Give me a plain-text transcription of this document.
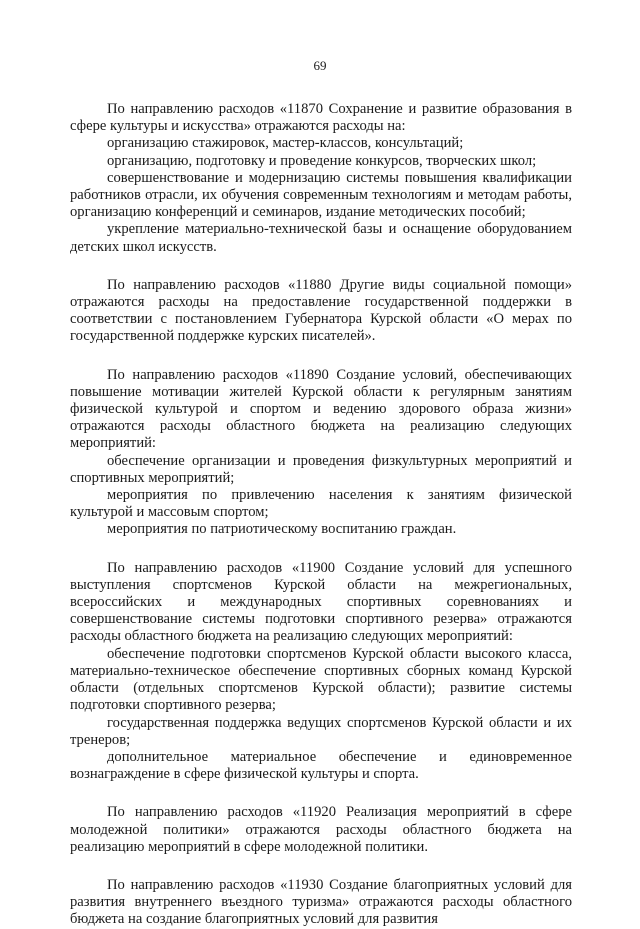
69

По направлению расходов «11870 Сохранение и развитие образования в сфере культуры и искусства» отражаются расходы на:

организацию стажировок, мастер-классов, консультаций;

организацию, подготовку и проведение конкурсов, творческих школ;

совершенствование и модернизацию системы повышения квалификации работников отрасли, их обучения современным технологиям и методам работы, организацию конференций и семинаров, издание методических пособий;

укрепление материально-технической базы и оснащение оборудованием детских школ искусств.

По направлению расходов «11880 Другие виды социальной помощи» отражаются расходы на предоставление государственной поддержки в соответствии с постановлением Губернатора Курской области «О мерах по государственной поддержке курских писателей».

По направлению расходов «11890 Создание условий, обеспечивающих повышение мотивации жителей Курской области к регулярным занятиям физической культурой и спортом и ведению здорового образа жизни» отражаются расходы областного бюджета на реализацию следующих мероприятий:

обеспечение организации и проведения физкультурных мероприятий и спортивных мероприятий;

мероприятия по привлечению населения к занятиям физической культурой и массовым спортом;

мероприятия по патриотическому воспитанию граждан.

По направлению расходов «11900 Создание условий для успешного выступления спортсменов Курской области на межрегиональных, всероссийских и международных спортивных соревнованиях и совершенствование системы подготовки спортивного резерва» отражаются расходы областного бюджета на реализацию следующих мероприятий:

обеспечение подготовки спортсменов Курской области высокого класса, материально-техническое обеспечение спортивных сборных команд Курской области (отдельных спортсменов Курской области); развитие системы подготовки спортивного резерва;

государственная поддержка ведущих спортсменов Курской области и их тренеров;

дополнительное материальное обеспечение и единовременное вознаграждение в сфере физической культуры и спорта.

По направлению расходов «11920 Реализация мероприятий в сфере молодежной политики» отражаются расходы областного бюджета на реализацию мероприятий в сфере молодежной политики.

По направлению расходов «11930 Создание благоприятных условий для развития внутреннего въездного туризма» отражаются расходы областного бюджета на создание благоприятных условий для развития
